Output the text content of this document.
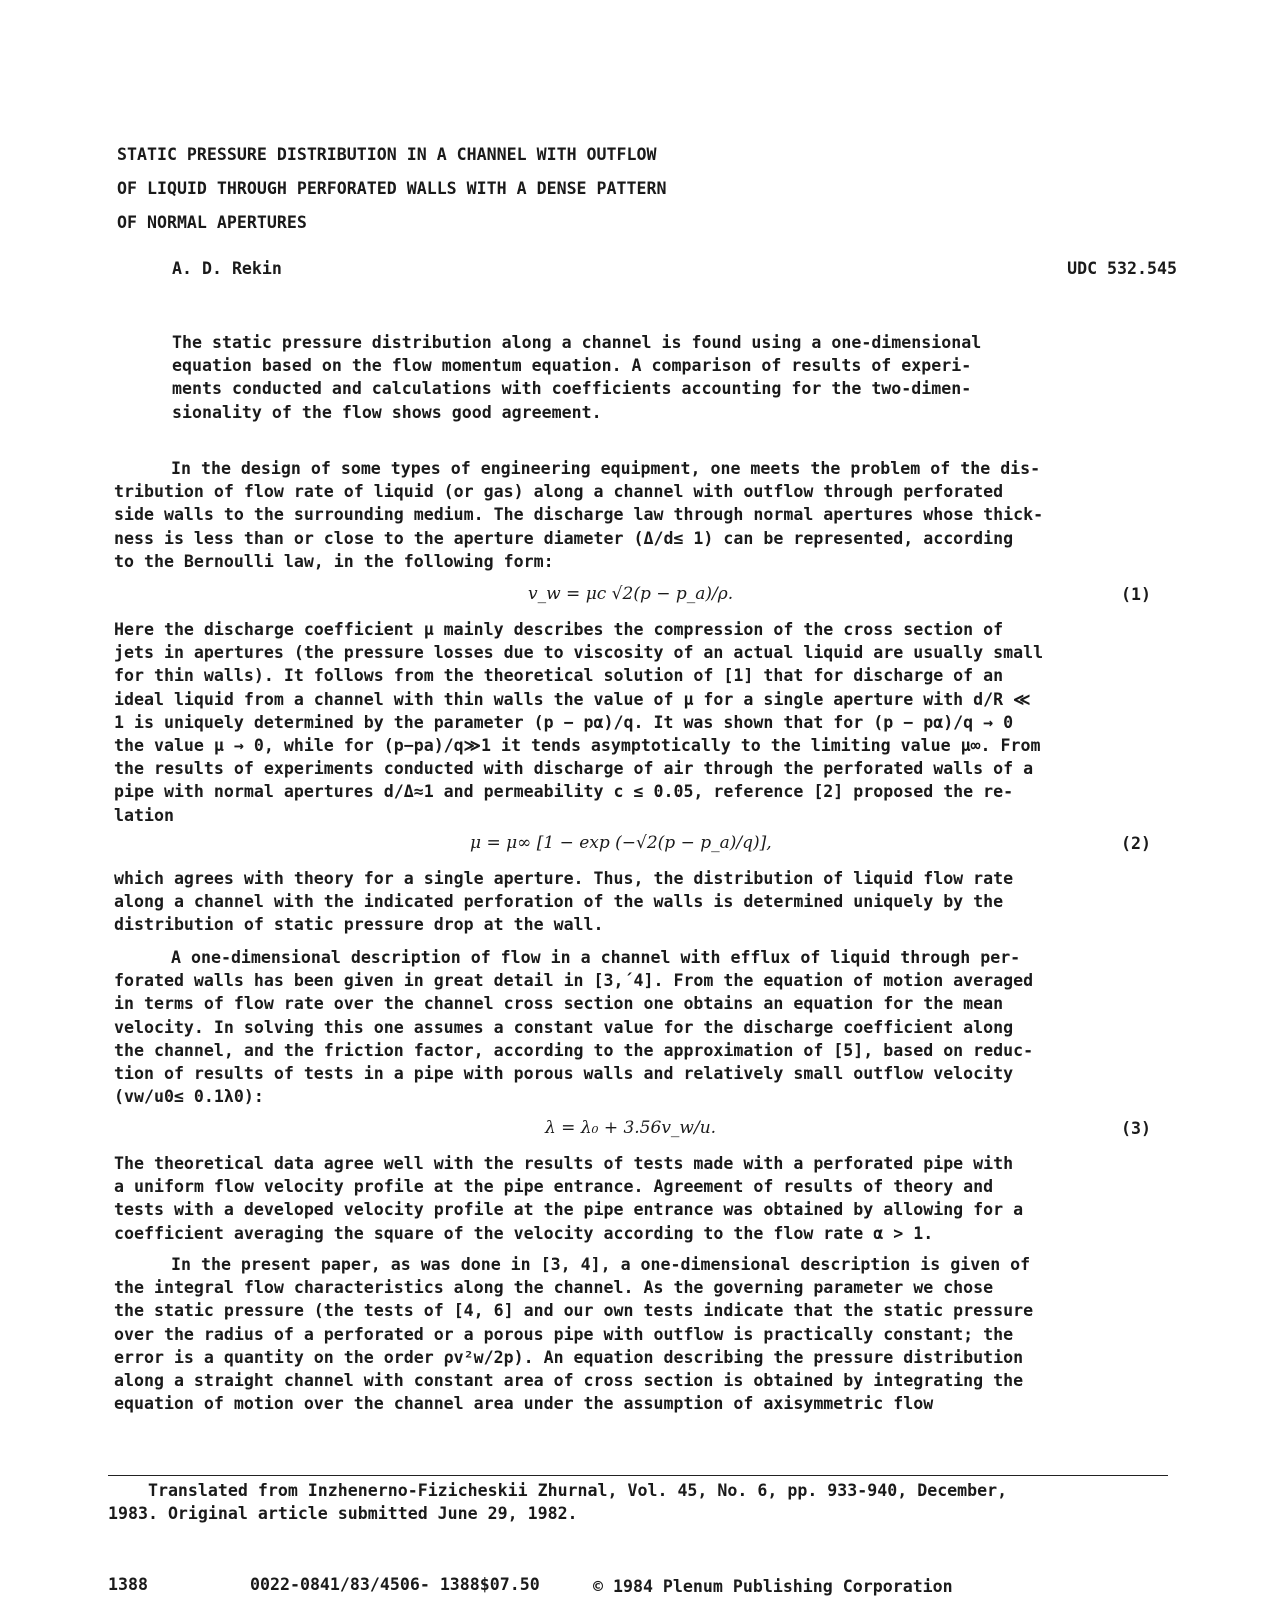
STATIC PRESSURE DISTRIBUTION IN A CHANNEL WITH OUTFLOW
OF LIQUID THROUGH PERFORATED WALLS WITH A DENSE PATTERN
OF NORMAL APERTURES
A. D. Rekin	UDC 532.545
The static pressure distribution along a channel is found using a one-dimensional
equation based on the flow momentum equation. A comparison of results of experi-
ments conducted and calculations with coefficients accounting for the two-dimen-
sionality of the flow shows good agreement.
In the design of some types of engineering equipment, one meets the problem of the dis-
tribution of flow rate of liquid (or gas) along a channel with outflow through perforated
side walls to the surrounding medium. The discharge law through normal apertures whose thick-
ness is less than or close to the aperture diameter (Δ/d≤ 1) can be represented, according
to the Bernoulli law, in the following form:
v_w = μc √2(p − p_a)/ρ.	(1)
Here the discharge coefficient μ mainly describes the compression of the cross section of
jets in apertures (the pressure losses due to viscosity of an actual liquid are usually small
for thin walls). It follows from the theoretical solution of [1] that for discharge of an
ideal liquid from a channel with thin walls the value of μ for a single aperture with d/R ≪
1 is uniquely determined by the parameter (p − pα)/q. It was shown that for (p − pα)/q → 0
the value μ → 0, while for (p−pa)/q≫1 it tends asymptotically to the limiting value μ∞. From
the results of experiments conducted with discharge of air through the perforated walls of a
pipe with normal apertures d/Δ≈1 and permeability c ≤ 0.05, reference [2] proposed the re-
lation
μ = μ∞ [1 − exp (−√2(p − p_a)/q)],	(2)
which agrees with theory for a single aperture. Thus, the distribution of liquid flow rate
along a channel with the indicated perforation of the walls is determined uniquely by the
distribution of static pressure drop at the wall.
A one-dimensional description of flow in a channel with efflux of liquid through per-
forated walls has been given in great detail in [3,´4]. From the equation of motion averaged
in terms of flow rate over the channel cross section one obtains an equation for the mean
velocity. In solving this one assumes a constant value for the discharge coefficient along
the channel, and the friction factor, according to the approximation of [5], based on reduc-
tion of results of tests in a pipe with porous walls and relatively small outflow velocity
(vw/u0≤ 0.1λ0):
λ = λ₀ + 3.56v_w/u.	(3)
The theoretical data agree well with the results of tests made with a perforated pipe with
a uniform flow velocity profile at the pipe entrance. Agreement of results of theory and
tests with a developed velocity profile at the pipe entrance was obtained by allowing for a
coefficient averaging the square of the velocity according to the flow rate α > 1.
In the present paper, as was done in [3, 4], a one-dimensional description is given of
the integral flow characteristics along the channel. As the governing parameter we chose
the static pressure (the tests of [4, 6] and our own tests indicate that the static pressure
over the radius of a perforated or a porous pipe with outflow is practically constant; the
error is a quantity on the order ρv²w/2p). An equation describing the pressure distribution
along a straight channel with constant area of cross section is obtained by integrating the
equation of motion over the channel area under the assumption of axisymmetric flow
Translated from Inzhenerno-Fizicheskii Zhurnal, Vol. 45, No. 6, pp. 933-940, December,
1983. Original article submitted June 29, 1982.
1388	0022-0841/83/4506- 1388$07.50	© 1984 Plenum Publishing Corporation
